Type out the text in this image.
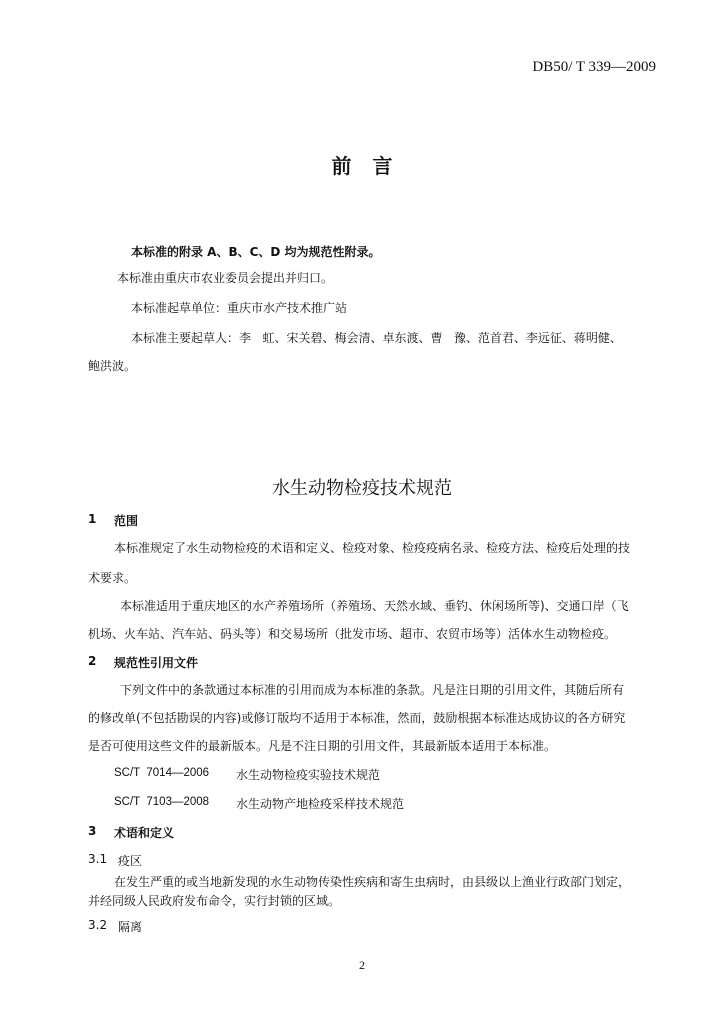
DB50/ T 339—2009
前   言
本标准的附录 A、B、C、D 均为规范性附录。
本标准由重庆市农业委员会提出并归口。
本标准起草单位：重庆市水产技术推广站
本标准主要起草人：李   虹、宋关碧、梅会清、卓东渡、曹   豫、范首君、李远征、蒋明健、
鲍洪波。
水生动物检疫技术规范
1 范围
本标准规定了水生动物检疫的术语和定义、检疫对象、检疫疫病名录、检疫方法、检疫后处理的技
术要求。
本标准适用于重庆地区的水产养殖场所（养殖场、天然水域、垂钓、休闲场所等)、交通口岸（飞
机场、火车站、汽车站、码头等）和交易场所（批发市场、超市、农贸市场等）活体水生动物检疫。
2 规范性引用文件
下列文件中的条款通过本标准的引用而成为本标准的条款。凡是注日期的引用文件，其随后所有
的修改单(不包括勘误的内容)或修订版均不适用于本标准，然而，鼓励根据本标准达成协议的各方研究
是否可使用这些文件的最新版本。凡是不注日期的引用文件，其最新版本适用于本标准。
SC/T  7014—2006 水生动物检疫实验技术规范
SC/T  7103—2008 水生动物产地检疫采样技术规范
3 术语和定义
3.1 疫区
在发生严重的或当地新发现的水生动物传染性疾病和寄生虫病时，由县级以上渔业行政部门划定，
并经同级人民政府发布命令，实行封锁的区域。
3.2 隔离
2
